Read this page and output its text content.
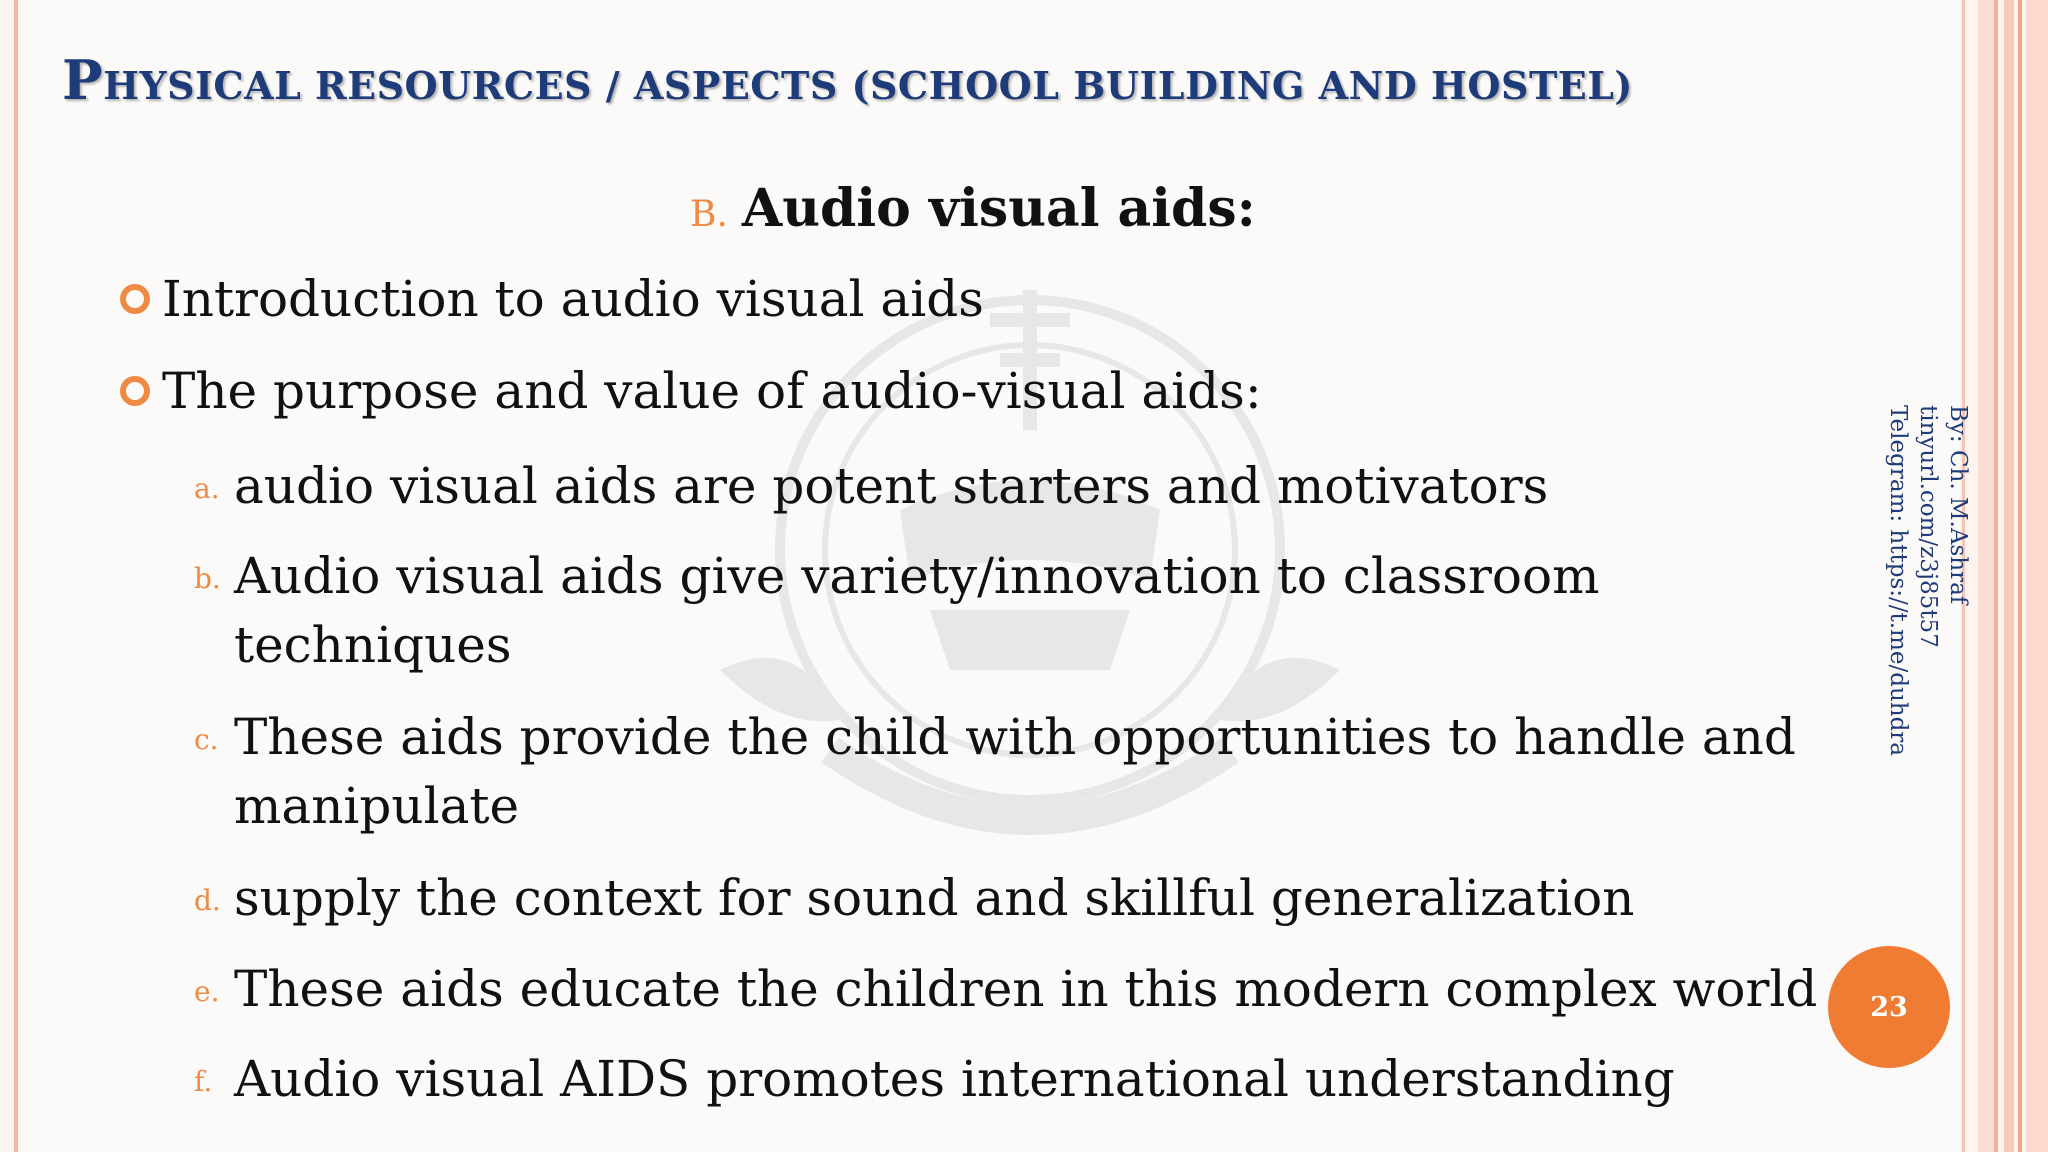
PHYSICAL RESOURCES / ASPECTS (SCHOOL BUILDING AND HOSTEL)
B. Audio visual aids:
Introduction to audio visual aids
The purpose and value of audio-visual aids:
a. audio visual aids are potent starters and motivators
b. Audio visual aids give variety/innovation to classroom techniques
c. These aids provide the child with opportunities to handle and manipulate
d. supply the context for sound and skillful generalization
e. These aids educate the children in this modern complex world
f. Audio visual AIDS promotes international understanding
By: Ch. M.Ashraf
tinyurl.com/z3j85t57
Telegram: https://t.me/duhdra
23
